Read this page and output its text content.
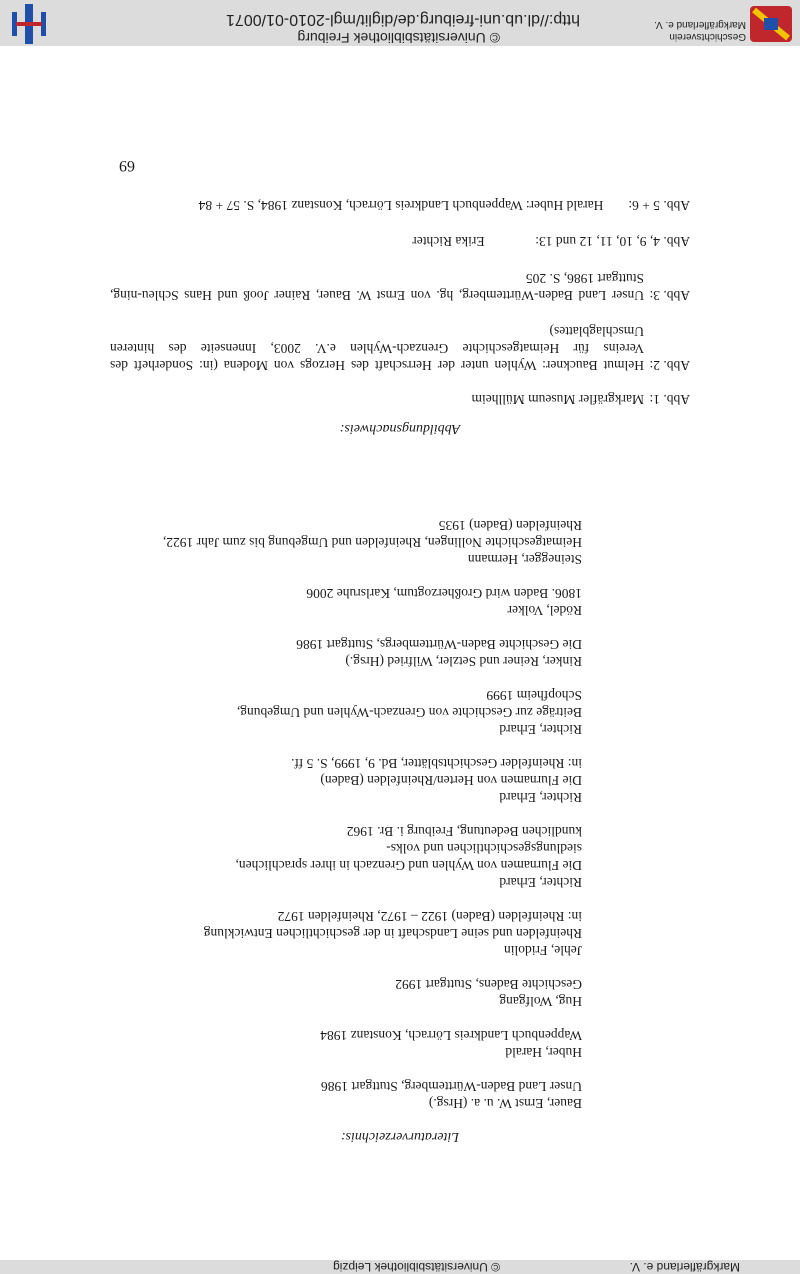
© Universitätsbibliothek Leipzig	Markgräflerland e. V.
Literaturverzeichnis:

Bauer, Ernst W. u. a. (Hrsg.)

Unser Land Baden-Württemberg, Stuttgart 1986

Huber, Harald

Wappenbuch Landkreis Lörrach, Konstanz 1984

Hug, Wolfgang

Geschichte Badens, Stuttgart 1992

Jehle, Fridolin

Rheinfelden und seine Landschaft in der geschichtlichen Entwicklung

in: Rheinfelden (Baden) 1922 – 1972, Rheinfelden 1972

Richter, Erhard

Die Flurnamen von Wyhlen und Grenzach in ihrer sprachlichen, siedlungsgeschichtlichen und volks-

kundlichen Bedeutung, Freiburg i. Br. 1962

Richter, Erhard

Die Flurnamen von Herten/Rheinfelden (Baden)

in: Rheinfelder Geschichtsblätter, Bd. 9, 1999, S. 5 ff.

Richter, Erhard

Beiträge zur Geschichte von Grenzach-Wyhlen und Umgebung,

Schopfheim 1999

Rinker, Reiner und Setzler, Wilfried (Hrsg.)

Die Geschichte Baden-Württembergs, Stuttgart 1986

Rödel, Volker

1806. Baden wird Großherzogtum, Karlsruhe 2006

Steinegger, Hermann

Heimatgeschichte Nollingen, Rheinfelden und Umgebung bis zum Jahr 1922,

Rheinfelden (Baden) 1935

Abbildungsnachweis:
Abb. 1:
Markgräfler Museum Müllheim
Abb. 2:
Helmut Bauckner: Wyhlen unter der Herrschaft des Herzogs von Modena (in: Sonderheft des Vereins für Heimatgeschichte Grenzach-Wyhlen e.V. 2003, Innenseite des hinteren Umschlagblattes)
Abb. 3:
Unser Land Baden-Württemberg, hg. von Ernst W. Bauer, Rainer Jooß und Hans Schleu-ning, Stuttgart 1986, S. 205
Abb. 4, 9, 10, 11, 12 und 13:
Erika Richter
Abb. 5 + 6:
Harald Huber: Wappenbuch Landkreis Lörrach, Konstanz 1984, S. 57 + 84
69
Geschichtsverein
Markgräflerland e. V.
© Universitätsbibliothek Freiburg
http://dl.ub.uni-freiburg.de/diglit/mgl-2010-01/0071
